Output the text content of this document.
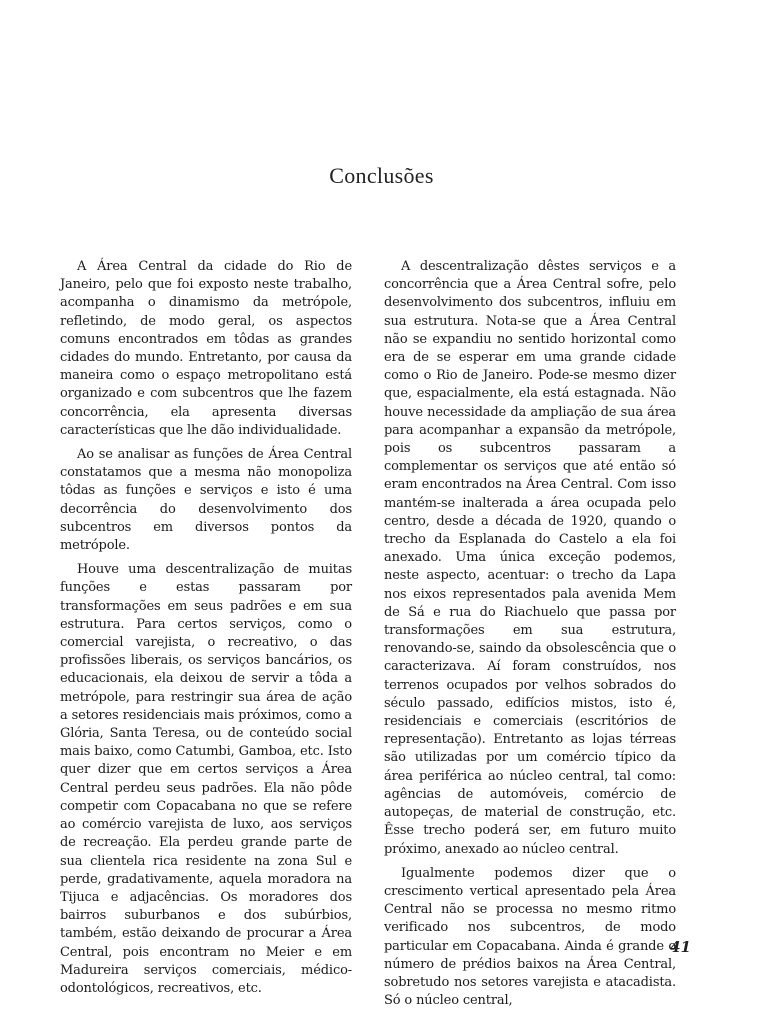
Conclusões

A Área Central da cidade do Rio de Janeiro, pelo que foi exposto neste trabalho, acompanha o dinamismo da metrópole, refletindo, de modo geral, os aspectos comuns encontrados em tôdas as grandes cidades do mundo. Entretanto, por causa da maneira como o espaço metropolitano está organizado e com subcentros que lhe fazem concorrência, ela apresenta diversas características que lhe dão individualidade.

Ao se analisar as funções de Área Central constatamos que a mesma não monopoliza tôdas as funções e serviços e isto é uma decorrência do desenvolvimento dos subcentros em diversos pontos da metrópole.

Houve uma descentralização de muitas funções e estas passaram por transformações em seus padrões e em sua estrutura. Para certos serviços, como o comercial varejista, o recreativo, o das profissões liberais, os serviços bancários, os educacionais, ela deixou de servir a tôda a metrópole, para restringir sua área de ação a setores residenciais mais próximos, como a Glória, Santa Teresa, ou de conteúdo social mais baixo, como Catumbi, Gamboa, etc. Isto quer dizer que em certos serviços a Área Central perdeu seus padrões. Ela não pôde competir com Copacabana no que se refere ao comércio varejista de luxo, aos serviços de recreação. Ela perdeu grande parte de sua clientela rica residente na zona Sul e perde, gradativamente, aquela moradora na Tijuca e adjacências. Os moradores dos bairros suburbanos e dos subúrbios, também, estão deixando de procurar a Área Central, pois encontram no Meier e em Madureira serviços comerciais, médico-odontológicos, recreativos, etc.

A descentralização dêstes serviços e a concorrência que a Área Central sofre, pelo desenvolvimento dos subcentros, influiu em sua estrutura. Nota-se que a Área Central não se expandiu no sentido horizontal como era de se esperar em uma grande cidade como o Rio de Janeiro. Pode-se mesmo dizer que, espacialmente, ela está estagnada. Não houve necessidade da ampliação de sua área para acompanhar a expansão da metrópole, pois os subcentros passaram a complementar os serviços que até então só eram encontrados na Área Central. Com isso mantém-se inalterada a área ocupada pelo centro, desde a década de 1920, quando o trecho da Esplanada do Castelo a ela foi anexado. Uma única exceção podemos, neste aspecto, acentuar: o trecho da Lapa nos eixos representados pala avenida Mem de Sá e rua do Riachuelo que passa por transformações em sua estrutura, renovando-se, saindo da obsolescência que o caracterizava. Aí foram construídos, nos terrenos ocupados por velhos sobrados do século passado, edifícios mistos, isto é, residenciais e comerciais (escritórios de representação). Entretanto as lojas térreas são utilizadas por um comércio típico da área periférica ao núcleo central, tal como: agências de automóveis, comércio de autopeças, de material de construção, etc. Êsse trecho poderá ser, em futuro muito próximo, anexado ao núcleo central.

Igualmente podemos dizer que o crescimento vertical apresentado pela Área Central não se processa no mesmo ritmo verificado nos subcentros, de modo particular em Copacabana. Ainda é grande o número de prédios baixos na Área Central, sobretudo nos setores varejista e atacadista. Só o núcleo central,

41
